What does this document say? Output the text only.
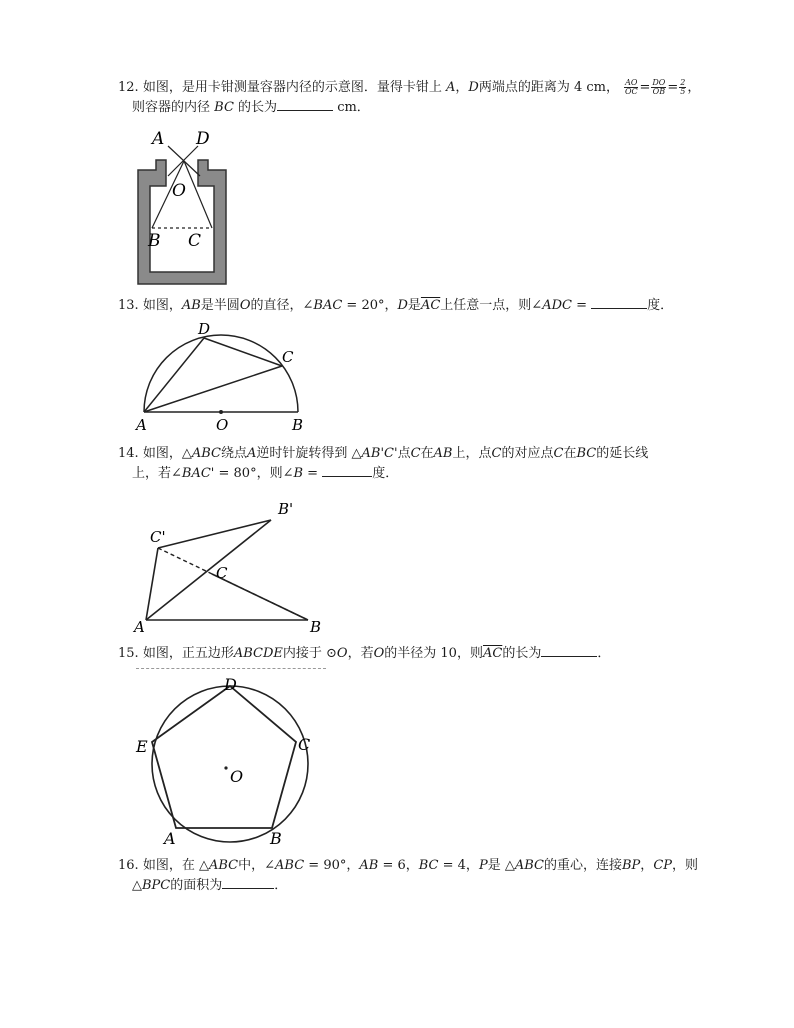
12. 如图，是用卡钳测量容器内径的示意图．量得卡钳上 A，D两端点的距离为 4 cm， $\frac{AO}{OC} = \frac{DO}{OB} = \frac{2}{5}$ ，
则容器的内径 BC 的长为	cm．
A D
O
B C
13. 如图，AB是半圆O的直径，∠BAC = 20°，D是$\overline{AC}$上任意一点，则∠ADC =	度．
D
C
A	O	B
14. 如图，△ABC绕点A逆时针旋转得到 △AB'C'点C在AB上，点C的对应点C在BC的延长线
上，若∠BAC' = 80°，则∠B =	度．
B'
C'
C
A	B
15. 如图，正五边形ABCDE内接于 ⊙O，若O的半径为 10，则$\overline{AC}$的长为	．
D
C
E
O
A	B
16. 如图，在 △ABC中，∠ABC = 90°，AB = 6，BC = 4，P是 △ABC的重心，连接BP，CP，则
△BPC的面积为	．
